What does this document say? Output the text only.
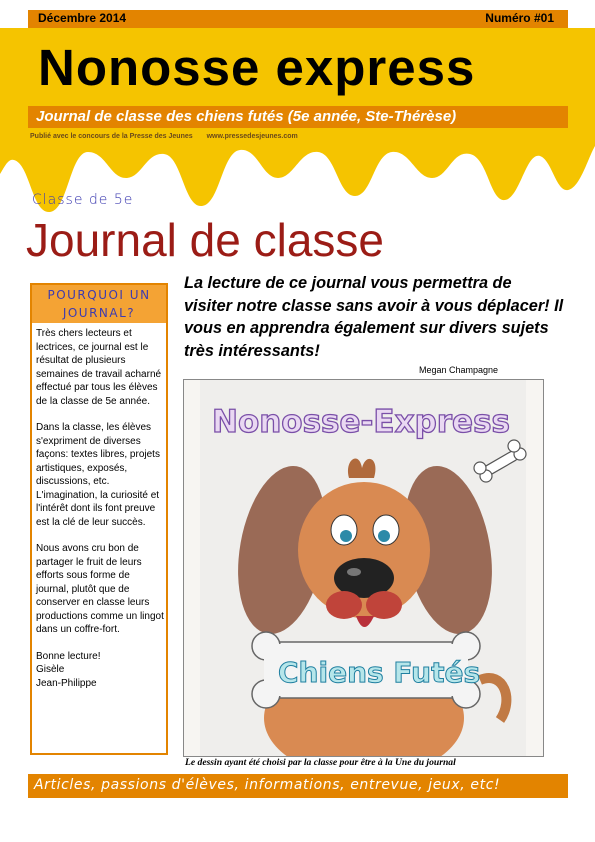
Décembre 2014	Numéro #01
Nonosse express
Journal de classe des chiens futés (5e année, Ste-Thérèse)
Publié avec le concours de la Presse des Jeunes www.pressedesjeunes.com
Classe de 5e
Journal de classe
POURQUOI UN
JOURNAL?

Très chers lecteurs et lectrices, ce journal est le résultat de plusieurs semaines de travail acharné effectué par tous les élèves de la classe de 5e année.

Dans la classe, les élèves s'expriment de diverses façons: textes libres, projets artistiques, exposés, discussions, etc. L'imagination, la curiosité et l'intérêt dont ils font preuve est la clé de leur succès.

Nous avons cru bon de partager le fruit de leurs efforts sous forme de journal, plutôt que de conserver en classe leurs productions comme un lingot dans un coffre-fort.

Bonne lecture!

Gisèle

Jean-Philippe

La lecture de ce journal vous permettra de visiter notre classe sans avoir à vous déplacer! Il vous en apprendra également sur divers sujets très intéressants!
Megan Champagne
Nonosse-Express
Chiens Futés
Le dessin ayant été choisi par la classe pour être à la Une du journal
Articles, passions d'élèves, informations, entrevue, jeux, etc!
